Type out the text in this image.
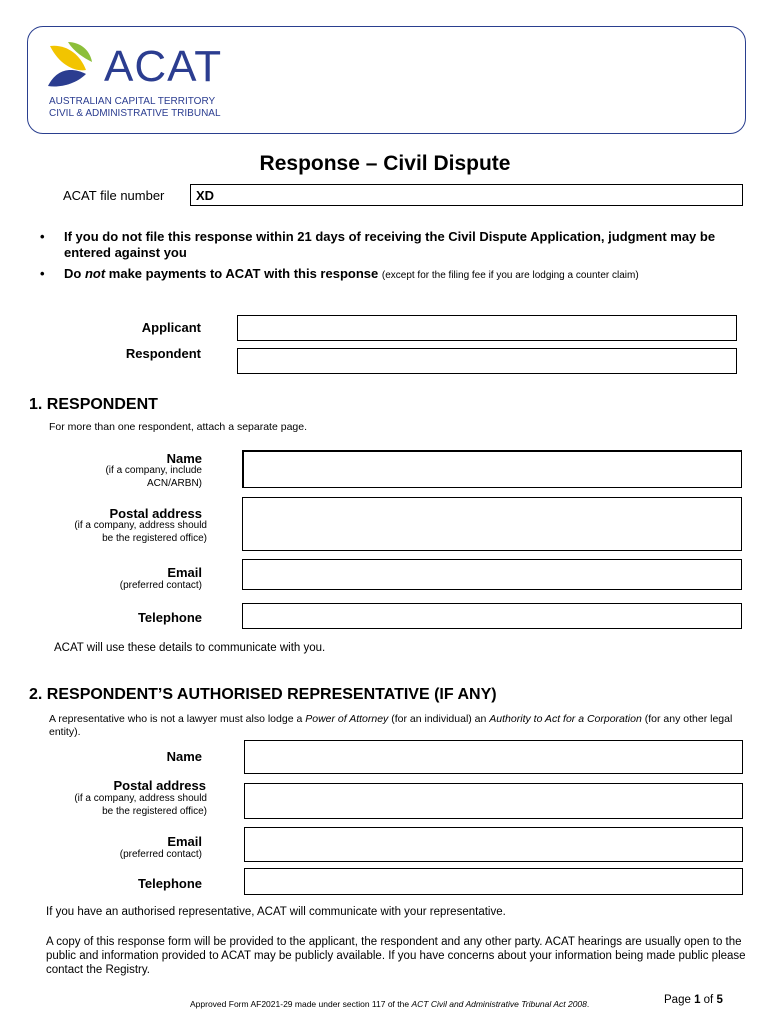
ACAT
AUSTRALIAN CAPITAL TERRITORY
CIVIL & ADMINISTRATIVE TRIBUNAL
Response – Civil Dispute
ACAT file number XD
• If you do not file this response within 21 days of receiving the Civil Dispute Application, judgment may be entered against you
• Do not make payments to ACAT with this response (except for the filing fee if you are lodging a counter claim)
Applicant
Respondent
1. RESPONDENT
For more than one respondent, attach a separate page.
Name
(if a company, include
ACN/ARBN)
Postal address
(if a company, address should
be the registered office)
Email
(preferred contact)
Telephone
ACAT will use these details to communicate with you.
2. RESPONDENT’S AUTHORISED REPRESENTATIVE (IF ANY)
A representative who is not a lawyer must also lodge a Power of Attorney (for an individual) an Authority to Act for a Corporation (for any other legal entity).
Name
Postal address
(if a company, address should
be the registered office)
Email
(preferred contact)
Telephone
If you have an authorised representative, ACAT will communicate with your representative.
A copy of this response form will be provided to the applicant, the respondent and any other party. ACAT hearings are usually open to the public and information provided to ACAT may be publicly available. If you have concerns about your information being made public please contact the Registry.
Approved Form AF2021-29 made under section 117 of the ACT Civil and Administrative Tribunal Act 2008.	Page 1 of 5
